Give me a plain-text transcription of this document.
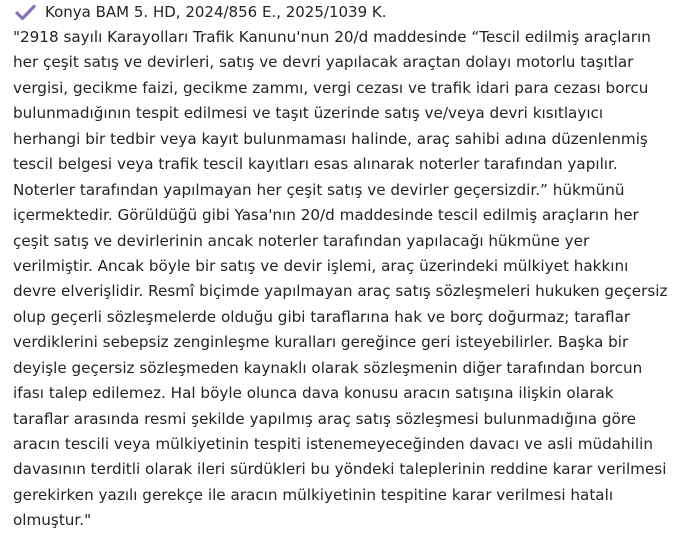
Konya BAM 5. HD, 2024/856 E., 2025/1039 K.
"2918 sayılı Karayolları Trafik Kanunu'nun 20/d maddesinde “Tescil edilmiş araçların
her çeşit satış ve devirleri, satış ve devri yapılacak araçtan dolayı motorlu taşıtlar
vergisi, gecikme faizi, gecikme zammı, vergi cezası ve trafik idari para cezası borcu
bulunmadığının tespit edilmesi ve taşıt üzerinde satış ve/veya devri kısıtlayıcı
herhangi bir tedbir veya kayıt bulunmaması halinde, araç sahibi adına düzenlenmiş
tescil belgesi veya trafik tescil kayıtları esas alınarak noterler tarafından yapılır.
Noterler tarafından yapılmayan her çeşit satış ve devirler geçersizdir.” hükmünü
içermektedir. Görüldüğü gibi Yasa'nın 20/d maddesinde tescil edilmiş araçların her
çeşit satış ve devirlerinin ancak noterler tarafından yapılacağı hükmüne yer
verilmiştir. Ancak böyle bir satış ve devir işlemi, araç üzerindeki mülkiyet hakkını
devre elverişlidir. Resmî biçimde yapılmayan araç satış sözleşmeleri hukuken geçersiz
olup geçerli sözleşmelerde olduğu gibi taraflarına hak ve borç doğurmaz; taraflar
verdiklerini sebepsiz zenginleşme kuralları gereğince geri isteyebilirler. Başka bir
deyişle geçersiz sözleşmeden kaynaklı olarak sözleşmenin diğer tarafından borcun
ifası talep edilemez. Hal böyle olunca dava konusu aracın satışına ilişkin olarak
taraflar arasında resmi şekilde yapılmış araç satış sözleşmesi bulunmadığına göre
aracın tescili veya mülkiyetinin tespiti istenemeyeceğinden davacı ve asli müdahilin
davasının terditli olarak ileri sürdükleri bu yöndeki taleplerinin reddine karar verilmesi
gerekirken yazılı gerekçe ile aracın mülkiyetinin tespitine karar verilmesi hatalı
olmuştur."
